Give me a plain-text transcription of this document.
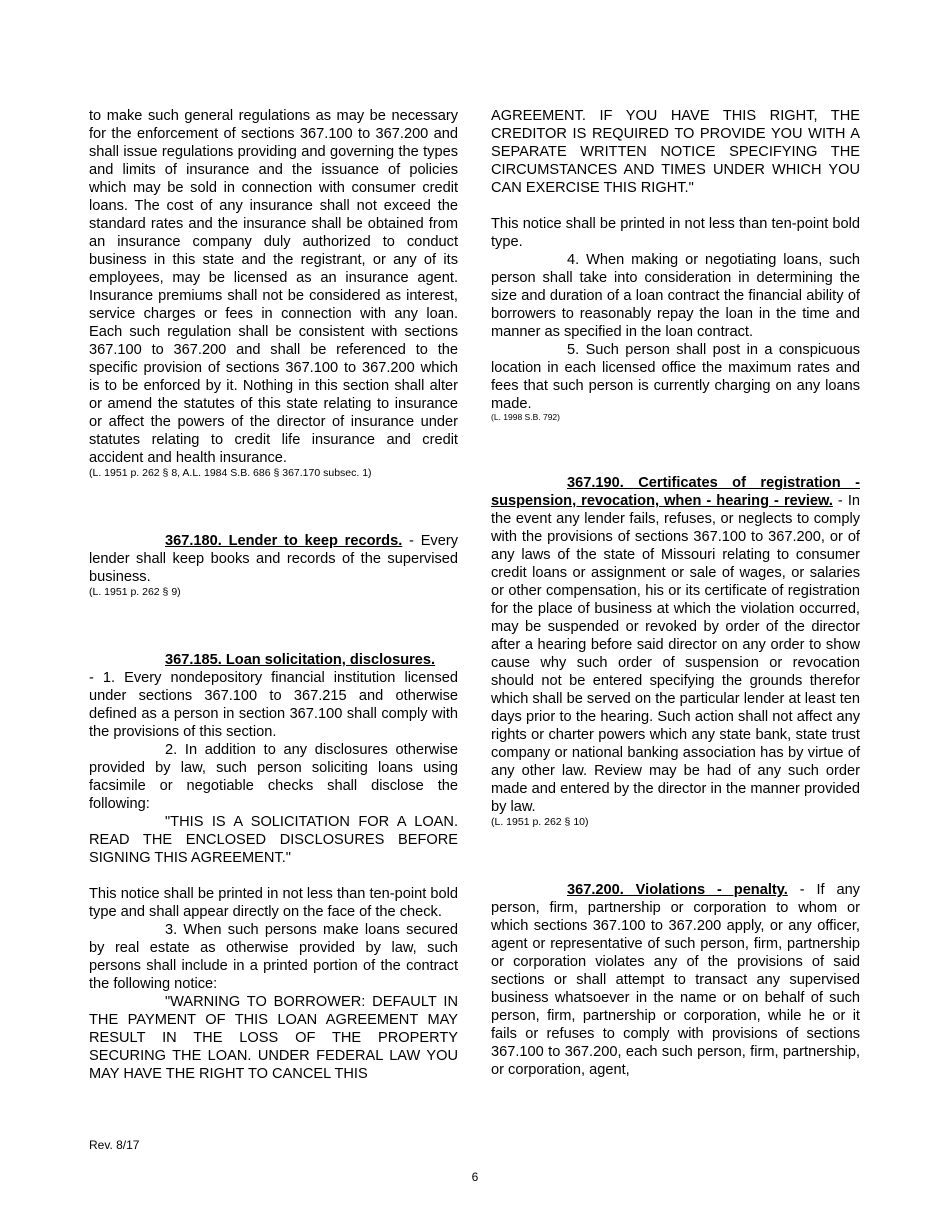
to make such general regulations as may be necessary for the enforcement of sections 367.100 to 367.200 and shall issue regulations providing and governing the types and limits of insurance and the issuance of policies which may be sold in connection with consumer credit loans. The cost of any insurance shall not exceed the standard rates and the insurance shall be obtained from an insurance company duly authorized to conduct business in this state and the registrant, or any of its employees, may be licensed as an insurance agent. Insurance premiums shall not be considered as interest, service charges or fees in connection with any loan. Each such regulation shall be consistent with sections 367.100 to 367.200 and shall be referenced to the specific provision of sections 367.100 to 367.200 which is to be enforced by it. Nothing in this section shall alter or amend the statutes of this state relating to insurance or affect the powers of the director of insurance under statutes relating to credit life insurance and credit accident and health insurance.

(L. 1951 p. 262 § 8, A.L. 1984 S.B. 686 § 367.170 subsec. 1)

367.180. Lender to keep records. - Every lender shall keep books and records of the supervised business.

(L. 1951 p. 262 § 9)

367.185. Loan solicitation, disclosures.

- 1. Every nondepository financial institution licensed under sections 367.100 to 367.215 and otherwise defined as a person in section 367.100 shall comply with the provisions of this section.

2. In addition to any disclosures otherwise provided by law, such person soliciting loans using facsimile or negotiable checks shall disclose the following:

"THIS IS A SOLICITATION FOR A LOAN. READ THE ENCLOSED DISCLOSURES BEFORE SIGNING THIS AGREEMENT."

This notice shall be printed in not less than ten-point bold type and shall appear directly on the face of the check.

3. When such persons make loans secured by real estate as otherwise provided by law, such persons shall include in a printed portion of the contract the following notice:

"WARNING TO BORROWER: DEFAULT IN THE PAYMENT OF THIS LOAN AGREEMENT MAY RESULT IN THE LOSS OF THE PROPERTY SECURING THE LOAN. UNDER FEDERAL LAW YOU MAY HAVE THE RIGHT TO CANCEL THIS

AGREEMENT. IF YOU HAVE THIS RIGHT, THE CREDITOR IS REQUIRED TO PROVIDE YOU WITH A SEPARATE WRITTEN NOTICE SPECIFYING THE CIRCUMSTANCES AND TIMES UNDER WHICH YOU CAN EXERCISE THIS RIGHT."

This notice shall be printed in not less than ten-point bold type.

4. When making or negotiating loans, such person shall take into consideration in determining the size and duration of a loan contract the financial ability of borrowers to reasonably repay the loan in the time and manner as specified in the loan contract.

5. Such person shall post in a conspicuous location in each licensed office the maximum rates and fees that such person is currently charging on any loans made.

(L. 1998 S.B. 792)

367.190. Certificates of registration - suspension, revocation, when - hearing - review. - In the event any lender fails, refuses, or neglects to comply with the provisions of sections 367.100 to 367.200, or of any laws of the state of Missouri relating to consumer credit loans or assignment or sale of wages, or salaries or other compensation, his or its certificate of registration for the place of business at which the violation occurred, may be suspended or revoked by order of the director after a hearing before said director on any order to show cause why such order of suspension or revocation should not be entered specifying the grounds therefor which shall be served on the particular lender at least ten days prior to the hearing. Such action shall not affect any rights or charter powers which any state bank, state trust company or national banking association has by virtue of any other law. Review may be had of any such order made and entered by the director in the manner provided by law.

(L. 1951 p. 262 § 10)

367.200. Violations - penalty. - If any person, firm, partnership or corporation to whom or which sections 367.100 to 367.200 apply, or any officer, agent or representative of such person, firm, partnership or corporation violates any of the provisions of said sections or shall attempt to transact any supervised business whatsoever in the name or on behalf of such person, firm, partnership or corporation, while he or it fails or refuses to comply with provisions of sections 367.100 to 367.200, each such person, firm, partnership, or corporation, agent,

Rev. 8/17
6
